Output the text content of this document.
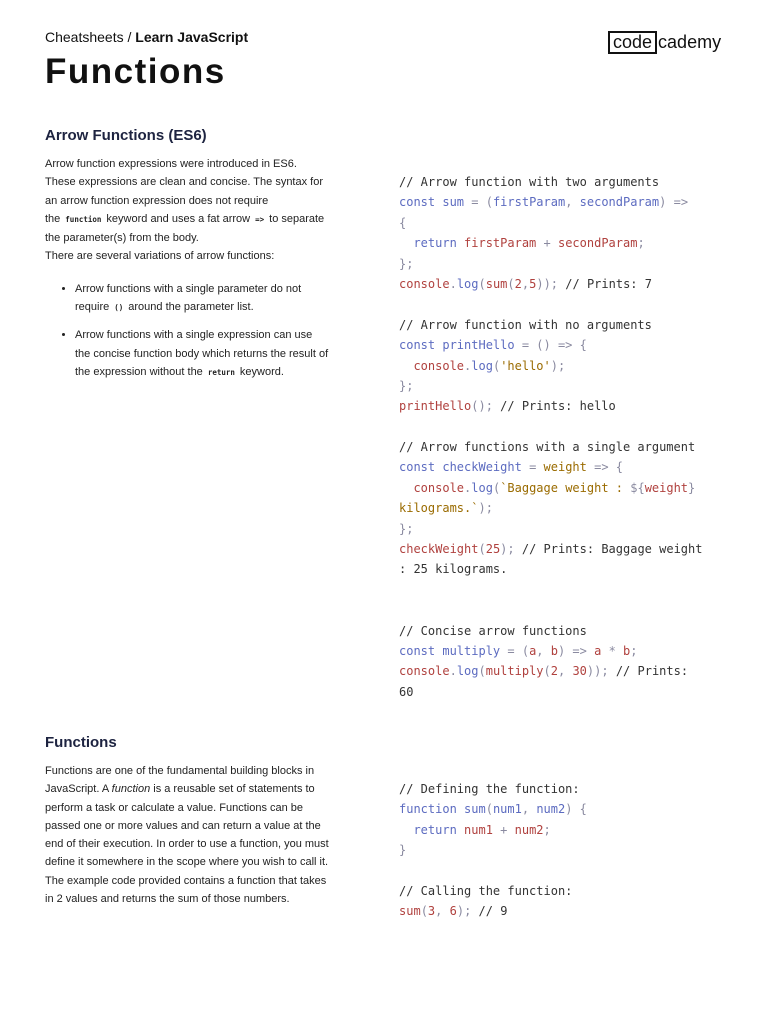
Cheatsheets / Learn JavaScript
Functions
code cademy
Arrow Functions (ES6)

Arrow function expressions were introduced in ES6. These expressions are clean and concise. The syntax for an arrow function expression does not require the function keyword and uses a fat arrow => to separate the parameter(s) from the body.

There are several variations of arrow functions:

• Arrow functions with a single parameter do not require () around the parameter list.
• Arrow functions with a single expression can use the concise function body which returns the result of the expression without the return keyword.
// Arrow function with two arguments
const sum = (firstParam, secondParam) =>
{
return firstParam + secondParam;
};
console.log(sum(2,5)); // Prints: 7
// Arrow function with no arguments
const printHello = () => {
console.log('hello');
};
printHello(); // Prints: hello
// Arrow functions with a single argument
const checkWeight = weight => {
console.log(`Baggage weight : ${weight}
kilograms.`);
};
checkWeight(25); // Prints: Baggage weight
: 25 kilograms.
// Concise arrow functions
const multiply = (a, b) => a * b;
console.log(multiply(2, 30)); // Prints:
60
Functions

Functions are one of the fundamental building blocks in JavaScript. A function is a reusable set of statements to perform a task or calculate a value. Functions can be passed one or more values and can return a value at the end of their execution. In order to use a function, you must define it somewhere in the scope where you wish to call it.

The example code provided contains a function that takes in 2 values and returns the sum of those numbers.

// Defining the function:
function sum(num1, num2) {
return num1 + num2;
}
// Calling the function:
sum(3, 6); // 9
